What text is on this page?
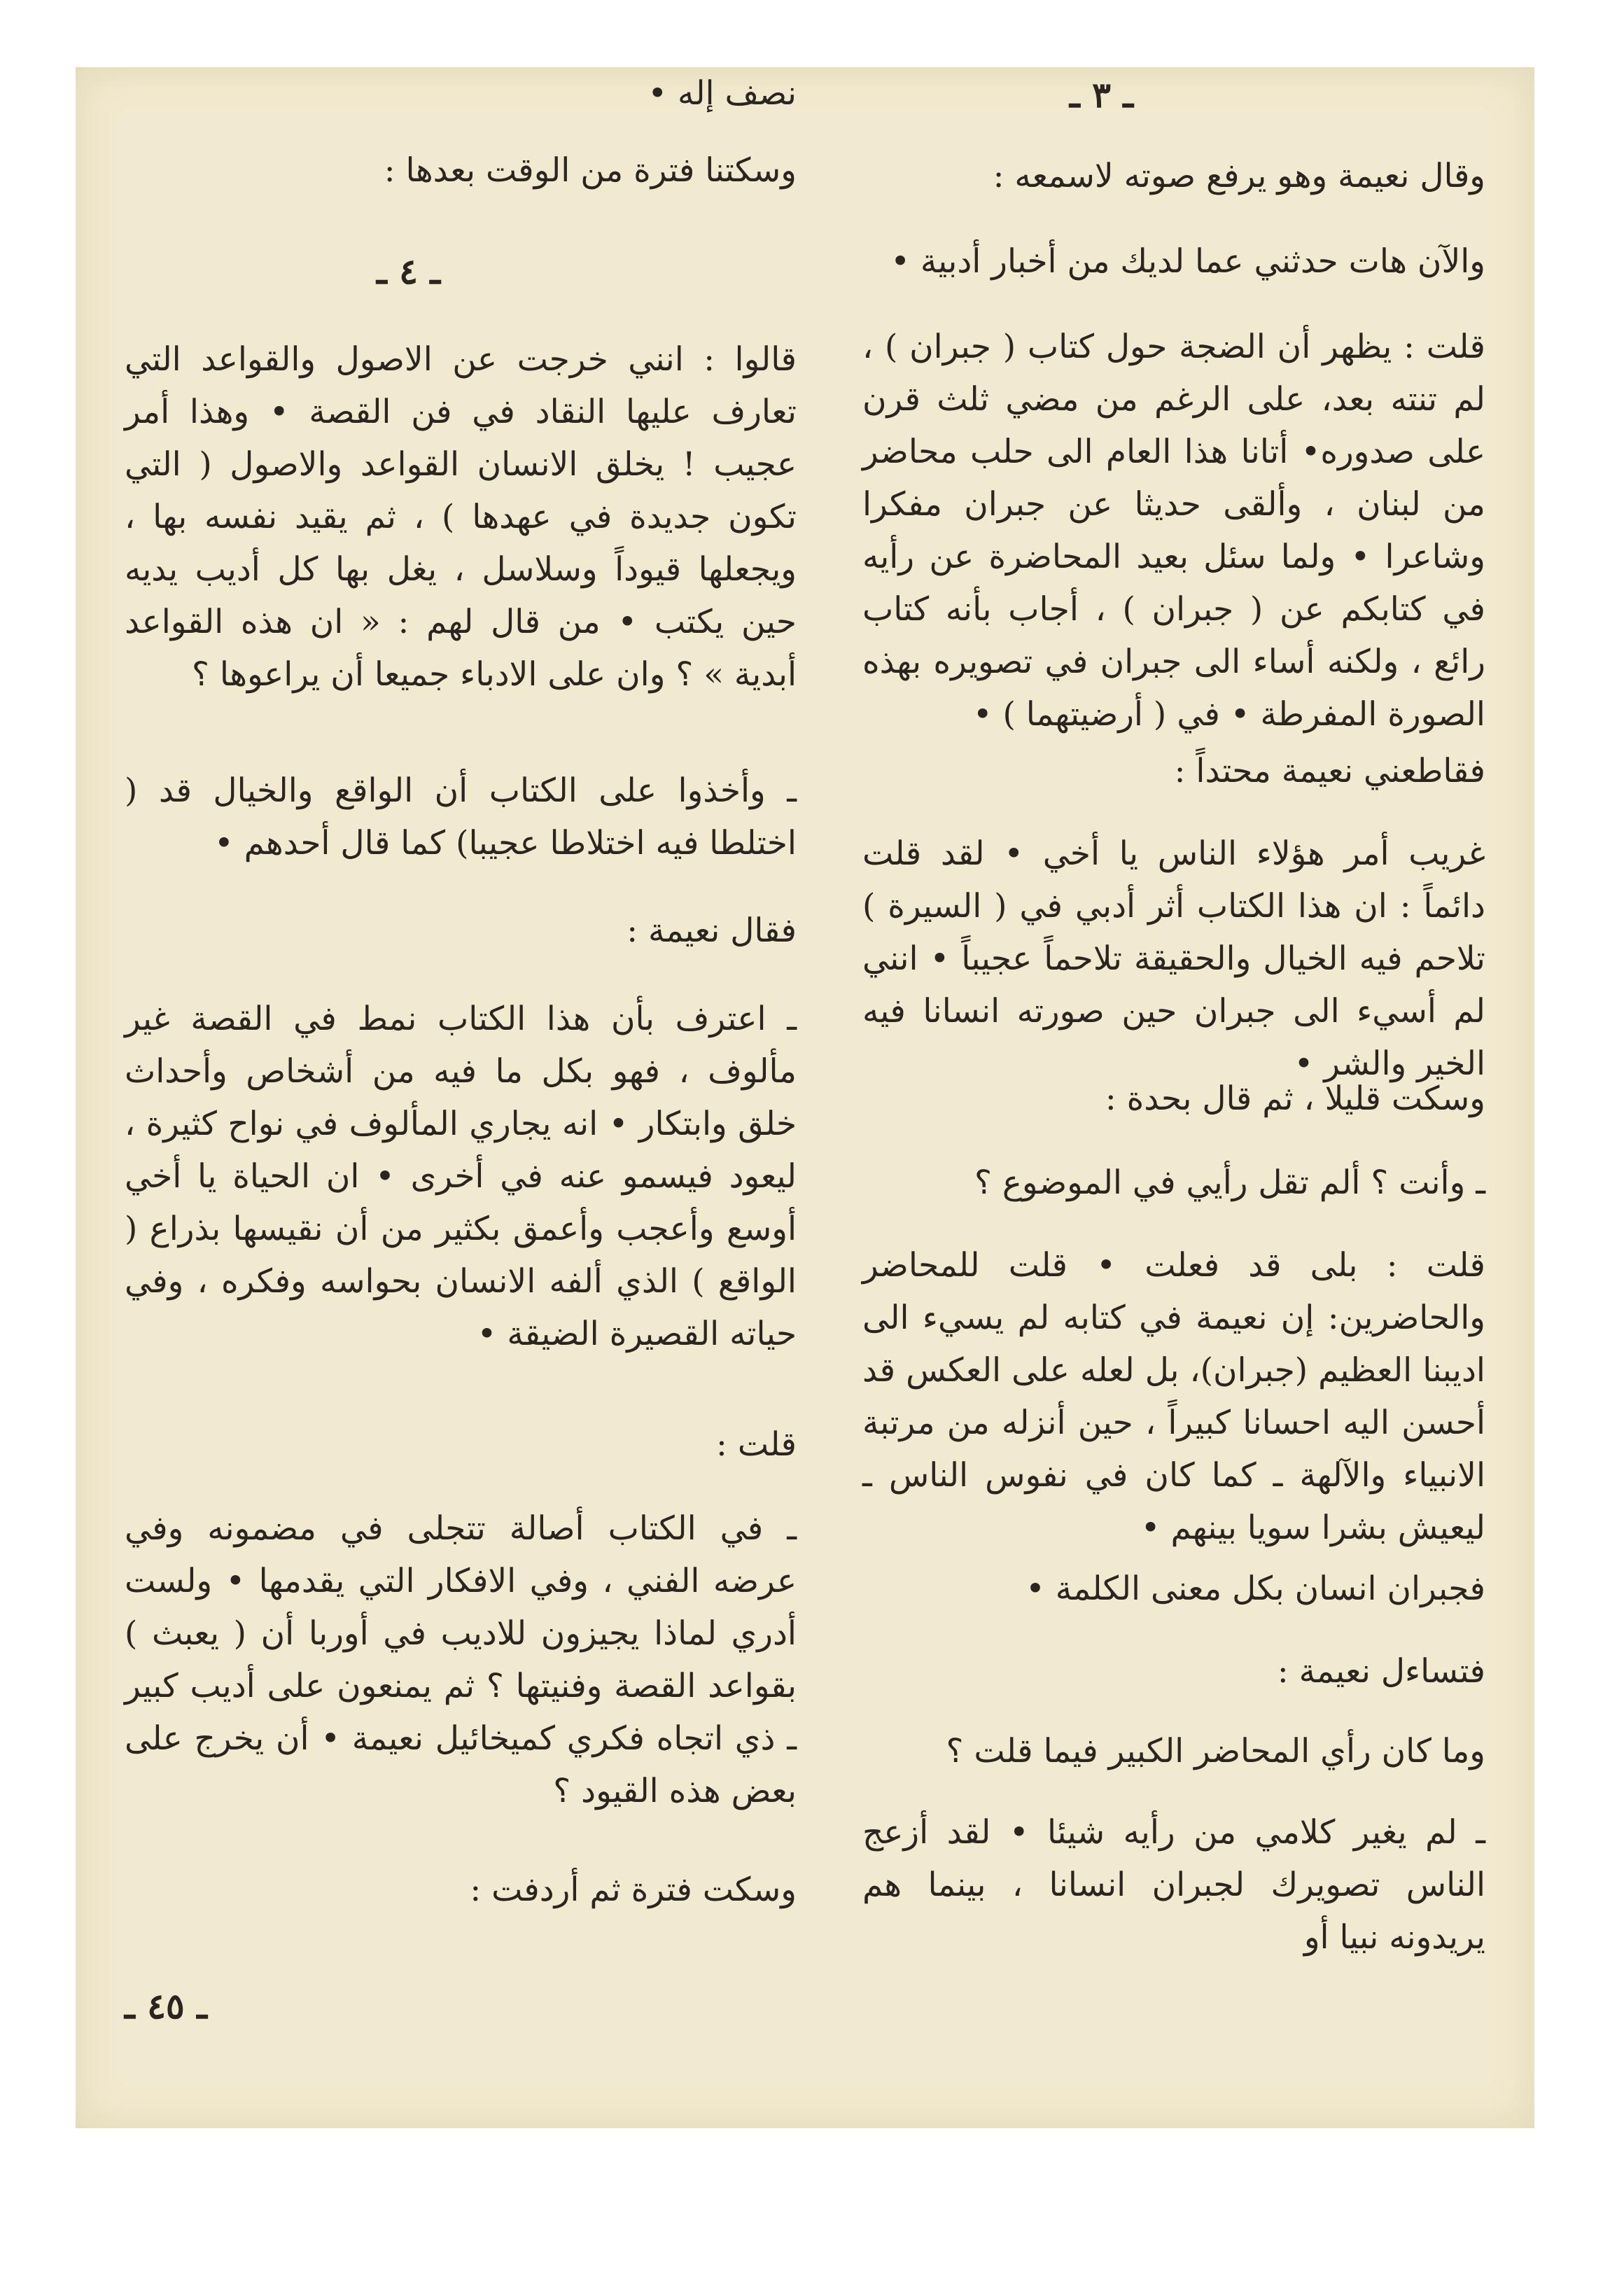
ـ ٣ ـ

وقال نعيمة وهو يرفع صوته لاسمعه :

والآن هات حدثني عما لديك من أخبار أدبية •

قلت : يظهر أن الضجة حول كتاب ( جبران ) ، لم تنته بعد، على الرغم من مضي ثلث قرن على صدوره• أتانا هذا العام الى حلب محاضر من لبنان ، وألقى حديثا عن جبران مفكرا وشاعرا • ولما سئل بعيد المحاضرة عن رأيه في كتابكم عن ( جبران ) ، أجاب بأنه كتاب رائع ، ولكنه أساء الى جبران في تصويره بهذه الصورة المفرطة • في ( أرضيتهما ) •

فقاطعني نعيمة محتداً :

غريب أمر هؤلاء الناس يا أخي • لقد قلت دائماً : ان هذا الكتاب أثر أدبي في ( السيرة ) تلاحم فيه الخيال والحقيقة تلاحماً عجيباً • انني لم أسيء الى جبران حين صورته انسانا فيه الخير والشر •

وسكت قليلا ، ثم قال بحدة :

ـ وأنت ؟ ألم تقل رأيي في الموضوع ؟

قلت : بلى قد فعلت • قلت للمحاضر والحاضرين: إن نعيمة في كتابه لم يسيء الى اديبنا العظيم (جبران)، بل لعله على العكس قد أحسن اليه احسانا كبيراً ، حين أنزله من مرتبة الانبياء والآلهة ـ كما كان في نفوس الناس ـ ليعيش بشرا سويا بينهم •

فجبران انسان بكل معنى الكلمة •

فتساءل نعيمة :

وما كان رأي المحاضر الكبير فيما قلت ؟

ـ لم يغير كلامي من رأيه شيئا • لقد أزعج الناس تصويرك لجبران انسانا ، بينما هم يريدونه نبيا أو

نصف إله •

وسكتنا فترة من الوقت بعدها :

ـ ٤ ـ

قالوا : انني خرجت عن الاصول والقواعد التي تعارف عليها النقاد في فن القصة • وهذا أمر عجيب ! يخلق الانسان القواعد والاصول ( التي تكون جديدة في عهدها ) ، ثم يقيد نفسه بها ، ويجعلها قيوداً وسلاسل ، يغل بها كل أديب يديه حين يكتب • من قال لهم : « ان هذه القواعد أبدية » ؟ وان على الادباء جميعا أن يراعوها ؟

ـ وأخذوا على الكتاب أن الواقع والخيال قد ( اختلطا فيه اختلاطا عجيبا) كما قال أحدهم •

فقال نعيمة :

ـ اعترف بأن هذا الكتاب نمط في القصة غير مألوف ، فهو بكل ما فيه من أشخاص وأحداث خلق وابتكار • انه يجاري المألوف في نواح كثيرة ، ليعود فيسمو عنه في أخرى • ان الحياة يا أخي أوسع وأعجب وأعمق بكثير من أن نقيسها بذراع ( الواقع ) الذي ألفه الانسان بحواسه وفكره ، وفي حياته القصيرة الضيقة •

قلت :

ـ في الكتاب أصالة تتجلى في مضمونه وفي عرضه الفني ، وفي الافكار التي يقدمها • ولست أدري لماذا يجيزون للاديب في أوربا أن ( يعبث ) بقواعد القصة وفنيتها ؟ ثم يمنعون على أديب كبير ـ ذي اتجاه فكري كميخائيل نعيمة • أن يخرج على بعض هذه القيود ؟

وسكت فترة ثم أردفت :

ـ ٤٥ ـ
